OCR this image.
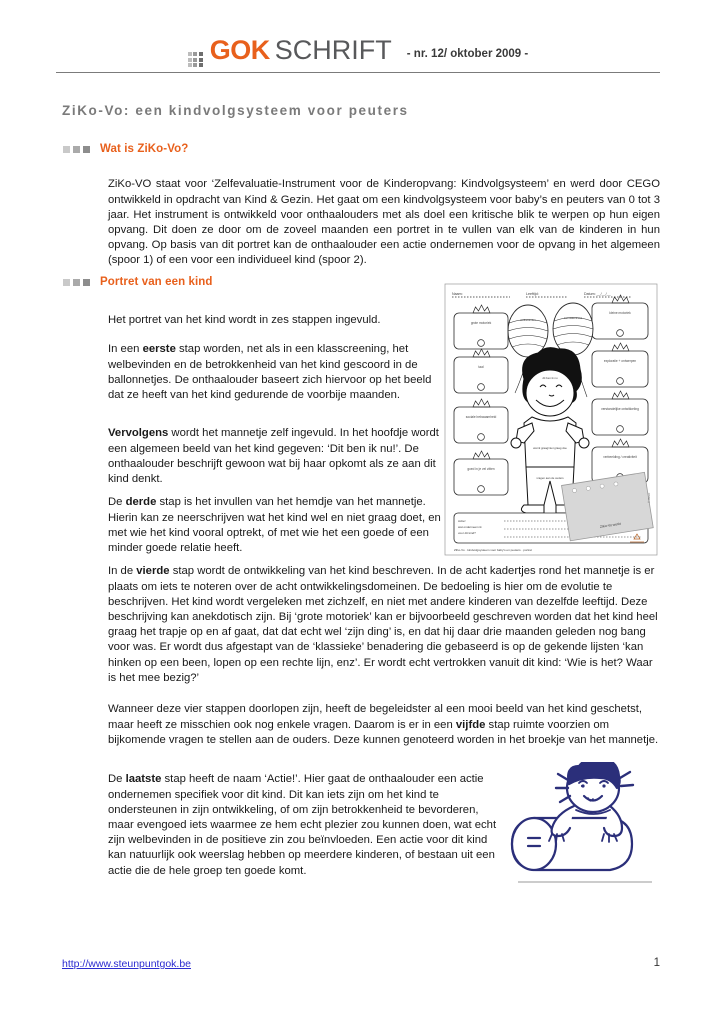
GOK SCHRIFT - nr. 12/ oktober 2009 -
ZiKo-Vo: een kindvolgsysteem voor peuters
Wat is ZiKo-Vo?

ZiKo-VO staat voor ‘Zelfevaluatie-Instrument voor de Kinderopvang: Kindvolgsysteem’ en werd door CEGO ontwikkeld in opdracht van Kind & Gezin. Het gaat om een kindvolgsysteem voor baby’s en peuters van 0 tot 3 jaar. Het instrument is ontwikkeld voor onthaalouders met als doel een kritische blik te werpen op hun eigen opvang. Dit doen ze door om de zoveel maanden een portret in te vullen van elk van de kinderen in hun opvang. Op basis van dit portret kan de onthaalouder een actie ondernemen voor de opvang in het algemeen (spoor 1) of een voor een individueel kind (spoor 2).

Portret van een kind

Het portret van het kind wordt in zes stappen ingevuld.

In een eerste stap worden, net als in een klasscreening, het welbevinden en de betrokkenheid van het kind gescoord in de ballonnetjes. De onthaalouder baseert zich hiervoor op het beeld dat ze heeft van het kind gedurende de voorbije maanden.

Vervolgens wordt het mannetje zelf ingevuld. In het hoofdje wordt een algemeen beeld van het kind gegeven: ‘Dit ben ik nu!’. De onthaalouder beschrijft gewoon wat bij haar opkomt als ze aan dit kind denkt.

De derde stap is het invullen van het hemdje van het mannetje. Hierin kan ze neerschrijven wat het kind wel en niet graag doet, en met wie het kind vooral optrekt, of met wie het een goede of een minder goede relatie heeft.

In de vierde stap wordt de ontwikkeling van het kind beschreven. In de acht kadertjes rond het mannetje is er plaats om iets te noteren over de acht ontwikkelingsdomeinen. De bedoeling is hier om de evolutie te beschrijven. Het kind wordt vergeleken met zichzelf, en niet met andere kinderen van dezelfde leeftijd. Deze beschrijving kan anekdotisch zijn. Bij ‘grote motoriek’ kan er bijvoorbeeld geschreven worden dat het kind heel graag het trapje op en af gaat, dat dat echt wel ‘zijn ding’ is, en dat hij daar drie maanden geleden nog bang voor was. Er wordt dus afgestapt van de ‘klassieke’ benadering die gebaseerd is op de gekende lijsten ‘kan hinken op een been, lopen op een rechte lijn, enz’. Er wordt echt vertrokken vanuit dit kind: ‘Wie is het? Waar is het mee bezig?’

Wanneer deze vier stappen doorlopen zijn, heeft de begeleidster al een mooi beeld van het kind geschetst, maar heeft ze misschien ook nog enkele vragen. Daarom is er in een vijfde stap ruimte voorzien om bijkomende vragen te stellen aan de ouders. Deze kunnen genoteerd worden in het broekje van het mannetje.

De laatste stap heeft de naam ‘Actie!’. Hier gaat de onthaalouder een actie ondernemen specifiek voor dit kind. Dit kan iets zijn om het kind te ondersteunen in zijn ontwikkeling, of om zijn betrokkenheid te bevorderen, maar evengoed iets waarmee ze hem echt plezier zou kunnen doen, wat echt zijn welbevinden in de positieve zin zou beïnvloeden. Een actie voor dit kind kan natuurlijk ook weerslag hebben op meerdere kinderen, of bestaan uit een actie die de hele groep ten goede komt.

Naam:	Leeftijd:	Datum: __/__/__
grote motoriek
taal
sociale bekwaamheid
goed in je vel zitten
kleine motoriek
exploratie + ontwerpen
verstandelijke ontwikkeling
verbeelding / creativiteit
welbevinden	betrokkenheid
dit ben ik nu
wat ik graag/niet graag doe
vragen aan de ouders
Actie!
wat onderneem ik
voor dit kind?
ZiKo-Vo · kindvolgsysteem voor baby's en peuters · portret
ZiKo-Vo werkt
© CEGO
http://www.steunpuntgok.be	1
